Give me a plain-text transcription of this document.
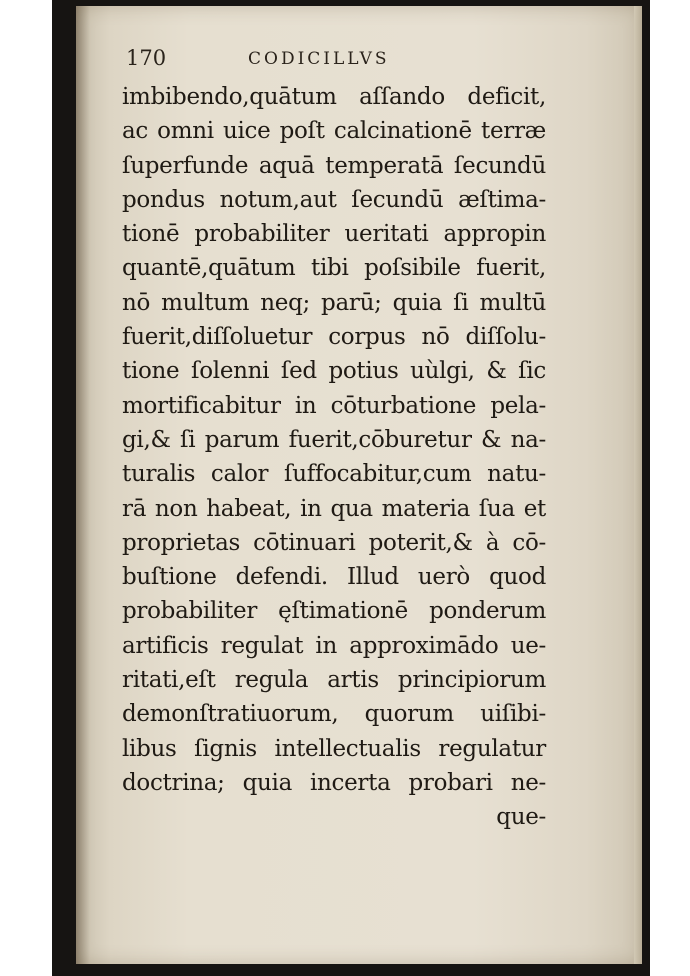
170	CODICILLVS
imbibendo,quātum aſſando deficit,
ac omni uice poſt calcinationē terræ
ſuperfunde aquā temperatā ſecundū
pondus notum,aut ſecundū æſtima-
tionē probabiliter ueritati appropin
quantē,quātum tibi poſsibile fuerit,
nō multum neq; parū; quia ſi multū
fuerit,diſſoluetur corpus nō diſſolu-
tione ſolenni ſed potius uùlgi, & ſic
mortificabitur in cōturbatione pela-
gi,& ſi parum fuerit,cōburetur & na-
turalis calor ſuffocabitur,cum natu-
rā non habeat, in qua materia ſua et
proprietas cōtinuari poterit,& à cō-
buſtione defendi. Illud uerò quod
probabiliter ęſtimationē ponderum
artificis regulat in approximādo ue-
ritati,eſt regula artis principiorum
demonſtratiuorum, quorum uiſibi-
libus ſignis intellectualis regulatur
doctrina; quia incerta probari ne-
que-
